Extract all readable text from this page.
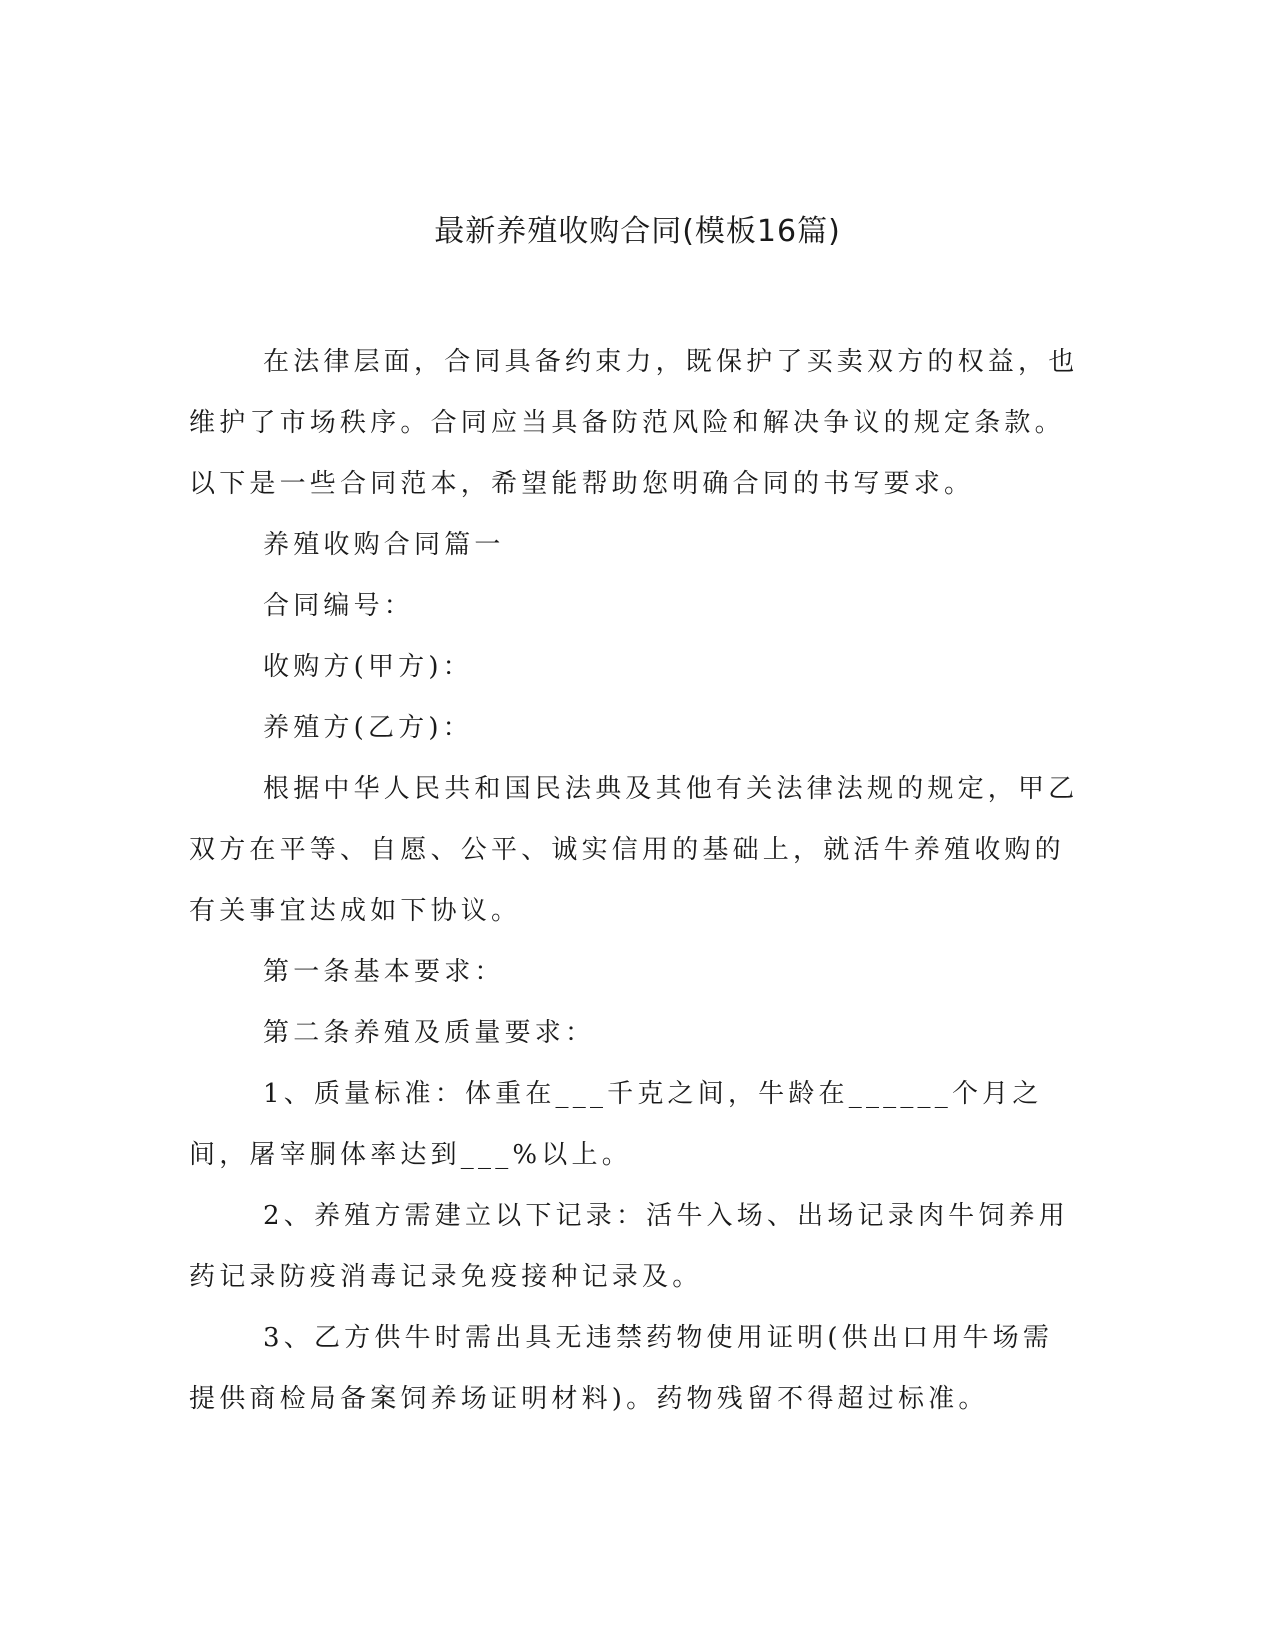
最新养殖收购合同(模板16篇)

在法律层面，合同具备约束力，既保护了买卖双方的权益，也维护了市场秩序。合同应当具备防范风险和解决争议的规定条款。以下是一些合同范本，希望能帮助您明确合同的书写要求。

养殖收购合同篇一

合同编号：

收购方(甲方)：

养殖方(乙方)：

根据中华人民共和国民法典及其他有关法律法规的规定，甲乙双方在平等、自愿、公平、诚实信用的基础上，就活牛养殖收购的有关事宜达成如下协议。

第一条基本要求：

第二条养殖及质量要求：

1、质量标准：体重在___千克之间，牛龄在______个月之间，屠宰胴体率达到___%以上。

2、养殖方需建立以下记录：活牛入场、出场记录肉牛饲养用药记录防疫消毒记录免疫接种记录及。

3、乙方供牛时需出具无违禁药物使用证明(供出口用牛场需提供商检局备案饲养场证明材料)。药物残留不得超过标准。
